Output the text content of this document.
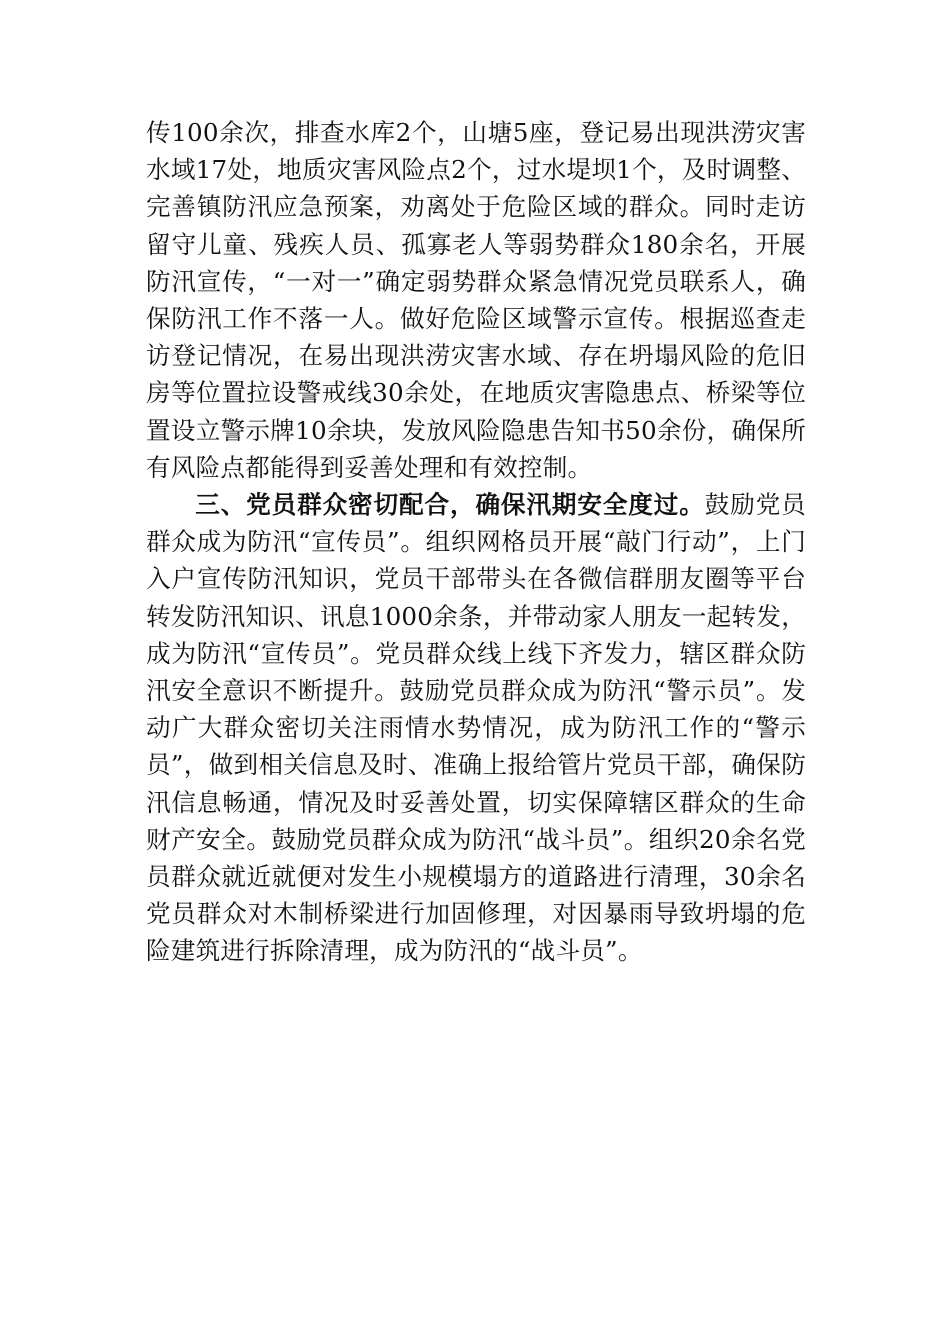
传100余次，排查水库2个，山塘5座，登记易出现洪涝灾害水域17处，地质灾害风险点2个，过水堤坝1个，及时调整、完善镇防汛应急预案，劝离处于危险区域的群众。同时走访留守儿童、残疾人员、孤寡老人等弱势群众180余名，开展防汛宣传，“一对一”确定弱势群众紧急情况党员联系人，确保防汛工作不落一人。做好危险区域警示宣传。根据巡查走访登记情况，在易出现洪涝灾害水域、存在坍塌风险的危旧房等位置拉设警戒线30余处，在地质灾害隐患点、桥梁等位置设立警示牌10余块，发放风险隐患告知书50余份，确保所有风险点都能得到妥善处理和有效控制。

三、党员群众密切配合，确保汛期安全度过。鼓励党员群众成为防汛“宣传员”。组织网格员开展“敲门行动”，上门入户宣传防汛知识，党员干部带头在各微信群朋友圈等平台转发防汛知识、讯息1000余条，并带动家人朋友一起转发，成为防汛“宣传员”。党员群众线上线下齐发力，辖区群众防汛安全意识不断提升。鼓励党员群众成为防汛“警示员”。发动广大群众密切关注雨情水势情况，成为防汛工作的“警示员”，做到相关信息及时、准确上报给管片党员干部，确保防汛信息畅通，情况及时妥善处置，切实保障辖区群众的生命财产安全。鼓励党员群众成为防汛“战斗员”。组织20余名党员群众就近就便对发生小规模塌方的道路进行清理，30余名党员群众对木制桥梁进行加固修理，对因暴雨导致坍塌的危险建筑进行拆除清理，成为防汛的“战斗员”。
